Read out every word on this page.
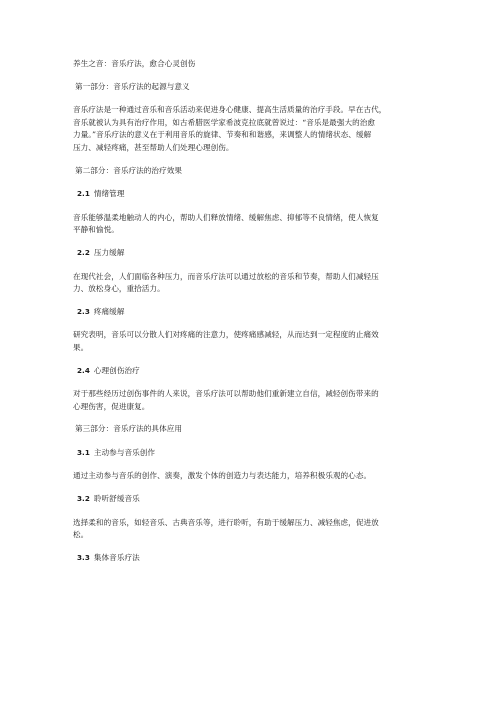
养生之音：音乐疗法，愈合心灵创伤
第一部分：音乐疗法的起源与意义
音乐疗法是一种通过音乐和音乐活动来促进身心健康、提高生活质量的治疗手段。早在古代，
音乐就被认为具有治疗作用，如古希腊医学家希波克拉底就曾说过：“音乐是最强大的治愈
力量。”音乐疗法的意义在于利用音乐的旋律、节奏和和谐感，来调整人的情绪状态、缓解
压力、减轻疼痛，甚至帮助人们处理心理创伤。
第二部分：音乐疗法的治疗效果
2.1 情绪管理
音乐能够温柔地触动人的内心，帮助人们释放情绪、缓解焦虑、抑郁等不良情绪，使人恢复
平静和愉悦。
2.2 压力缓解
在现代社会，人们面临各种压力，而音乐疗法可以通过放松的音乐和节奏，帮助人们减轻压
力、放松身心，重拾活力。
2.3 疼痛缓解
研究表明，音乐可以分散人们对疼痛的注意力，使疼痛感减轻，从而达到一定程度的止痛效
果。
2.4 心理创伤治疗
对于那些经历过创伤事件的人来说，音乐疗法可以帮助他们重新建立自信，减轻创伤带来的
心理伤害，促进康复。
第三部分：音乐疗法的具体应用
3.1 主动参与音乐创作
通过主动参与音乐的创作、演奏，激发个体的创造力与表达能力，培养积极乐观的心态。
3.2 聆听舒缓音乐
选择柔和的音乐，如轻音乐、古典音乐等，进行聆听，有助于缓解压力、减轻焦虑，促进放
松。
3.3 集体音乐疗法
